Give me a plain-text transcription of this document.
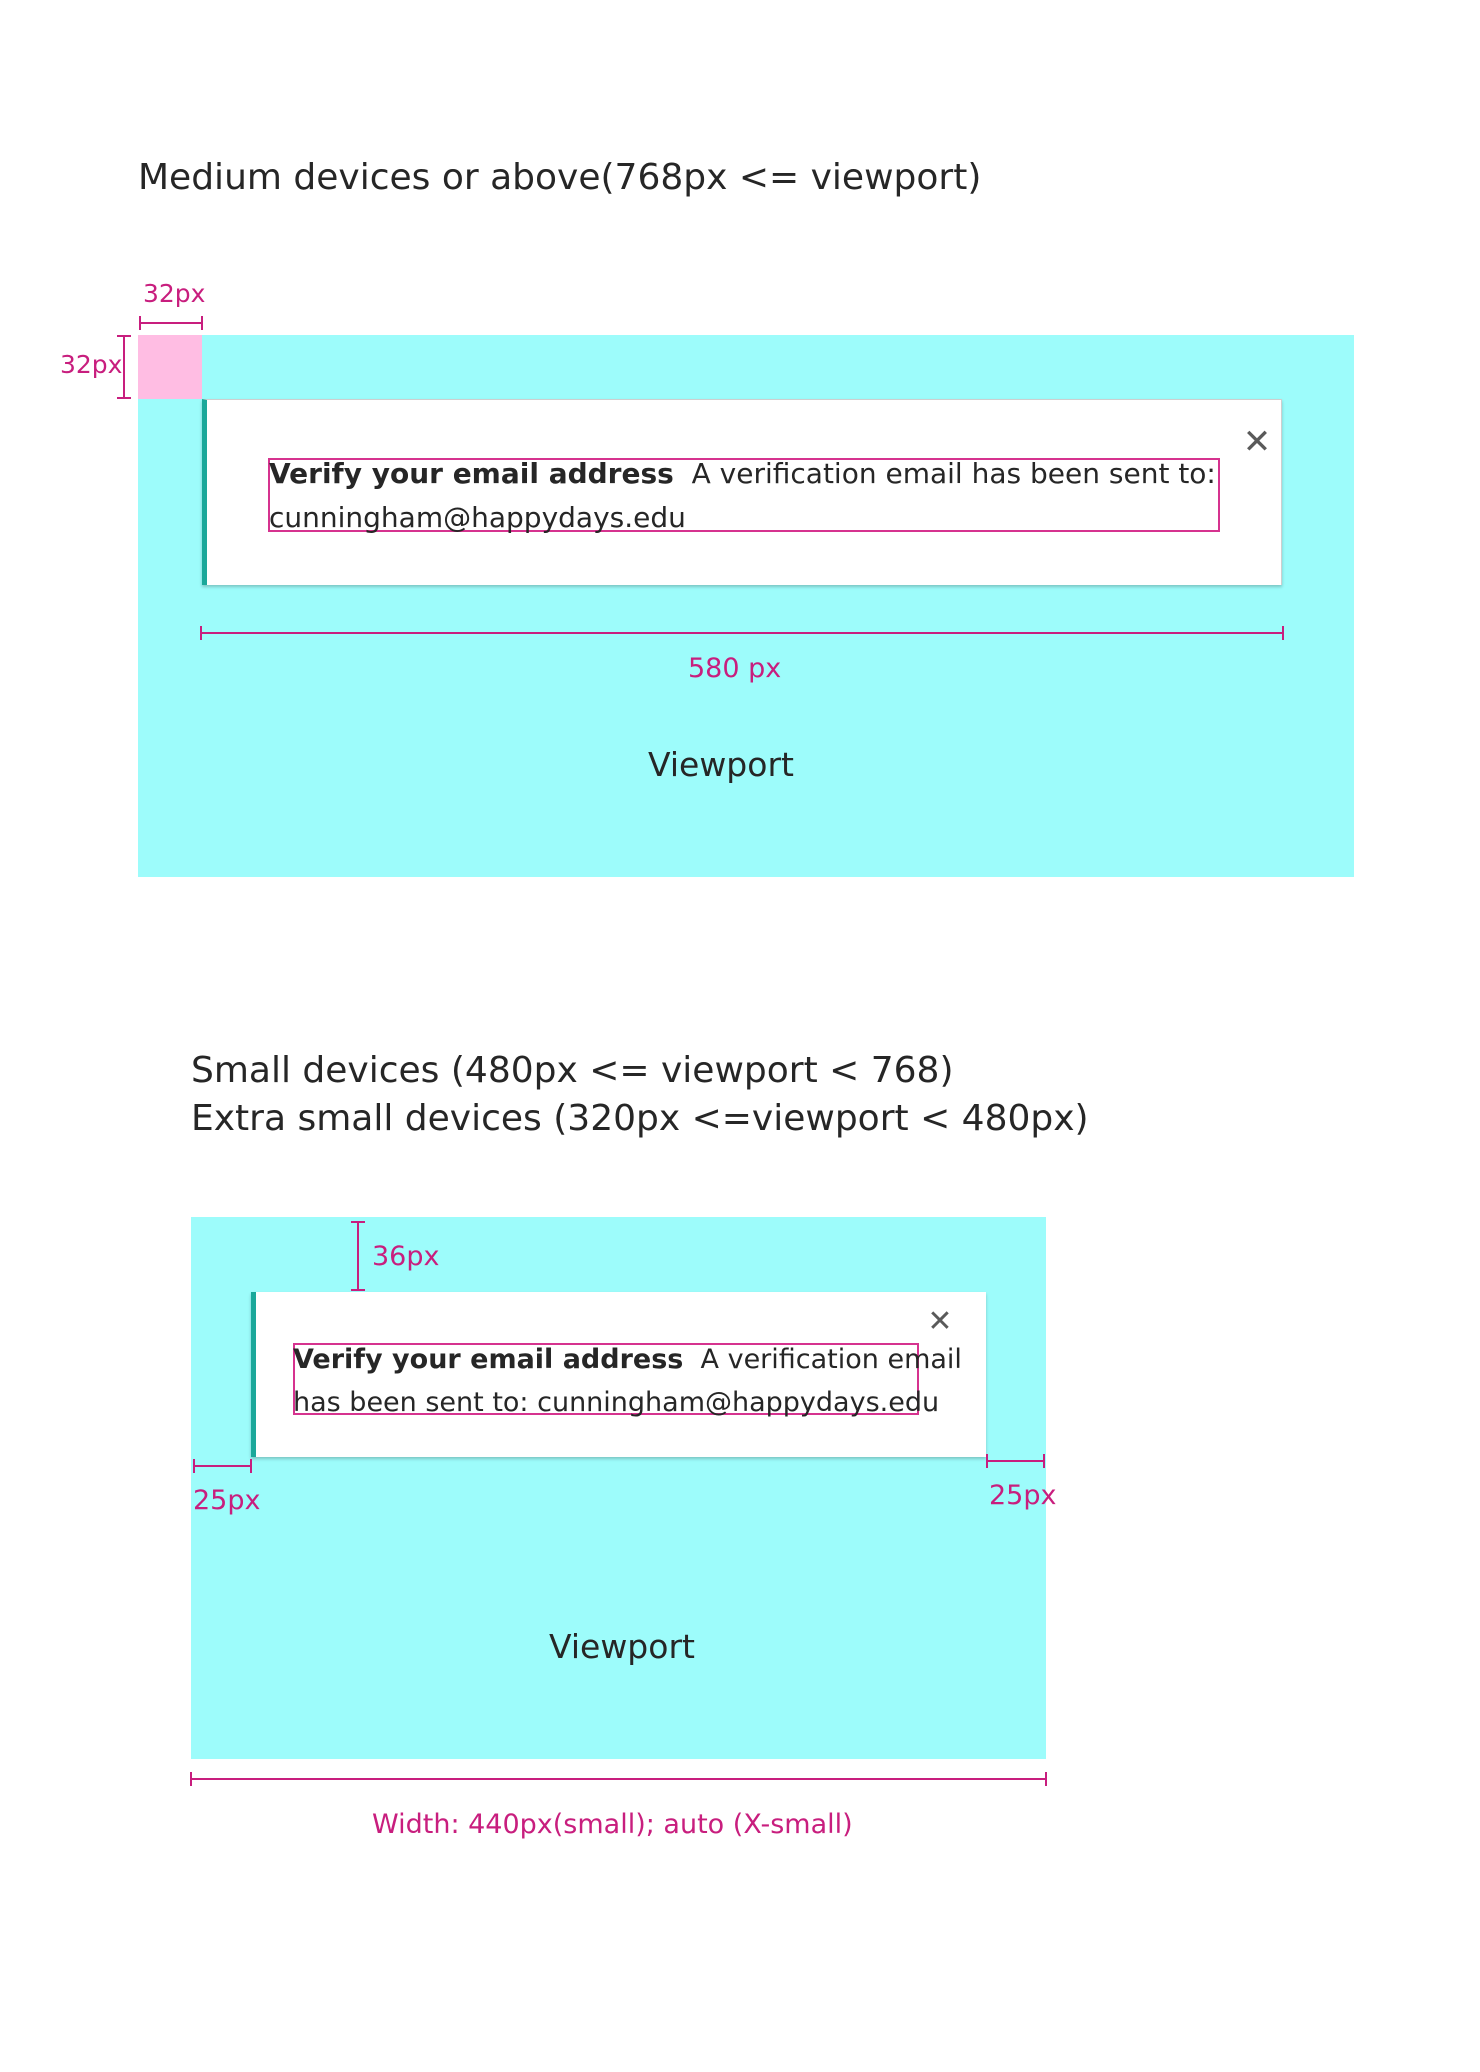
Medium devices or above(768px <= viewport)
32px
32px
Verify your email address A verification email has been sent to:
cunningham@happydays.edu
✕
580 px
Viewport
Small devices (480px <= viewport < 768)
Extra small devices (320px <=viewport < 480px)
36px
Verify your email address A verification email
has been sent to: cunningham@happydays.edu
✕
25px
Viewport
25px
Width: 440px(small); auto (X-small)
